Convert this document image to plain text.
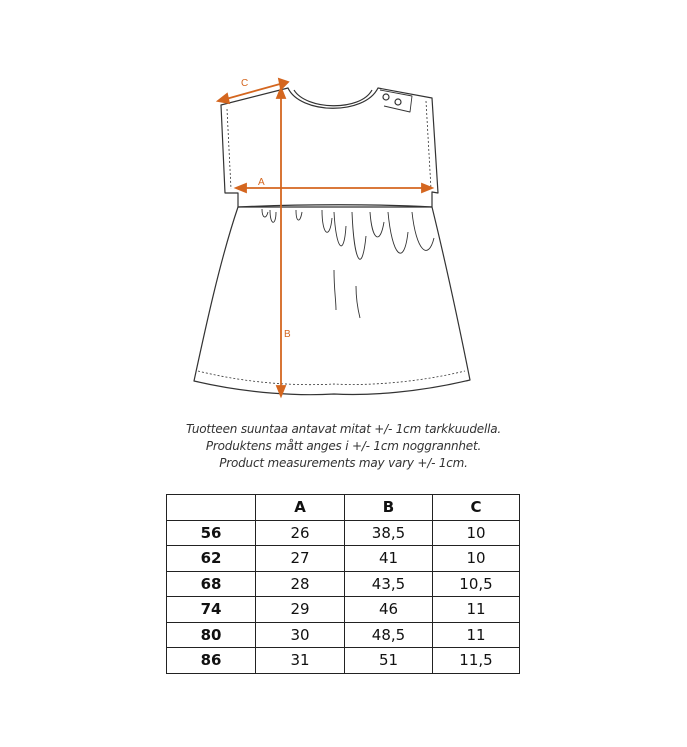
A
B
C
Tuotteen suuntaa antavat mitat +/- 1cm tarkkuudella.
Produktens mått anges i +/- 1cm noggrannhet.
Product measurements may vary +/- 1cm.
	A	B	C
56	26	38,5	10
62	27	41	10
68	28	43,5	10,5
74	29	46	11
80	30	48,5	11
86	31	51	11,5
